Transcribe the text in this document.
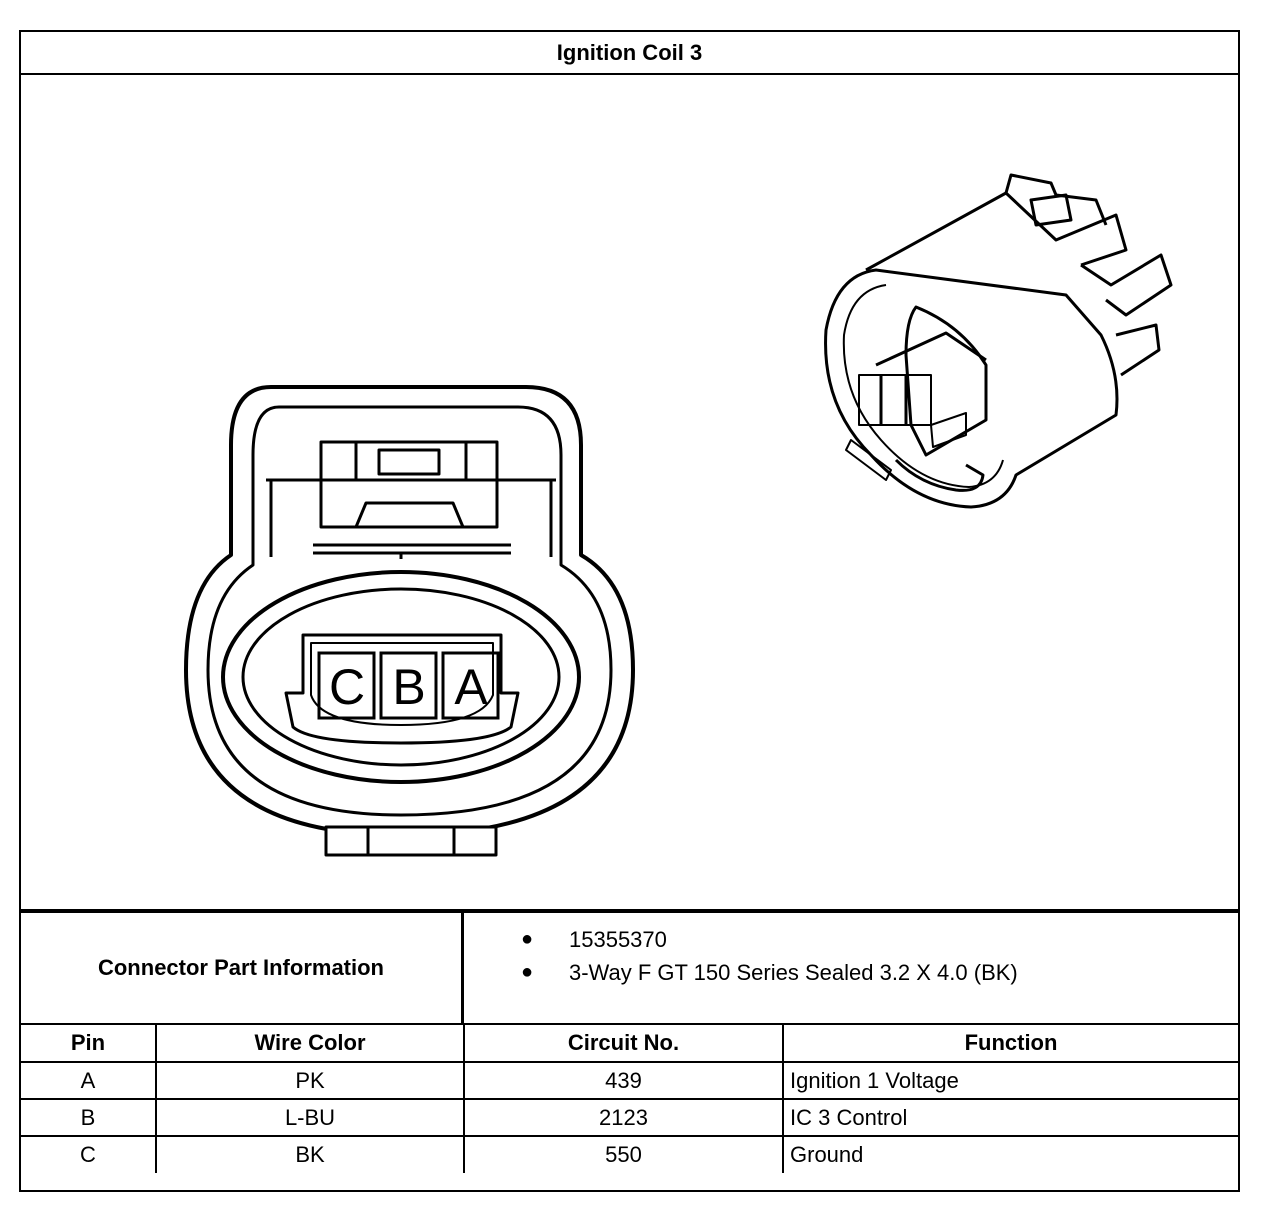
Ignition Coil 3
C B A
Connector Part Information
● 15355370
● 3-Way F GT 150 Series Sealed 3.2 X 4.0 (BK)
Pin	Wire Color	Circuit No.	Function
A	PK	439	Ignition 1 Voltage
B	L-BU	2123	IC 3 Control
C	BK	550	Ground
